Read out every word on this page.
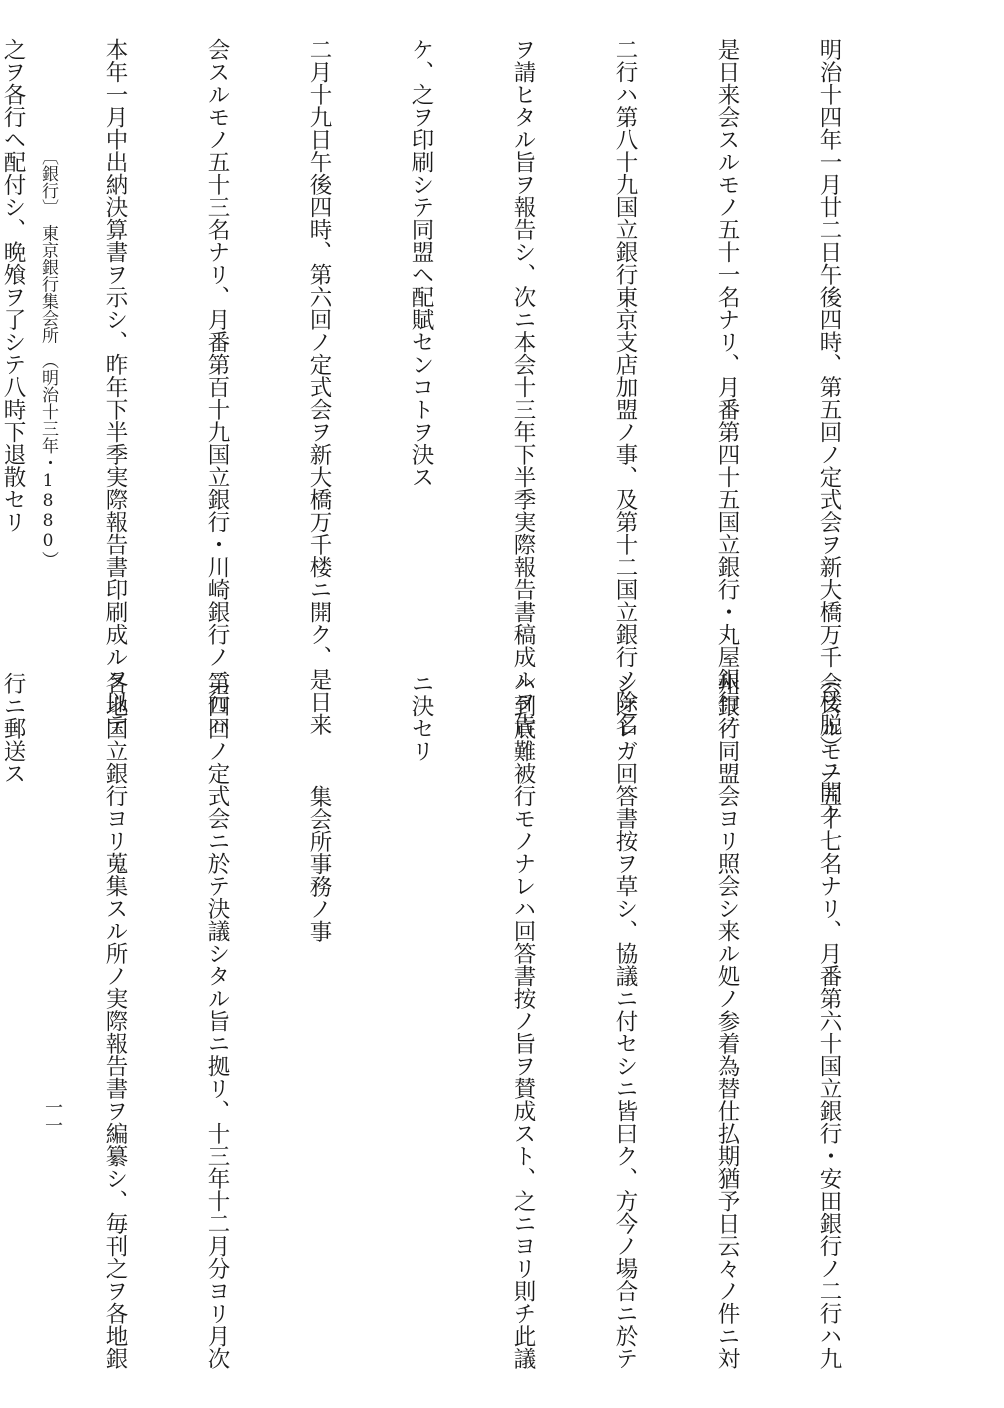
〔銀行〕　東京銀行集会所　（明治十三年・1880）
一一

明治十四年一月廿二日午後四時、第五回ノ定式会ヲ新大橋万千（楼脱）ニ開ク

是日来会スルモノ五十一名ナリ、月番第四十五国立銀行・丸屋銀行ノ

二行ハ第八十九国立銀行東京支店加盟ノ事、及第十二国立銀行ノ除名

ヲ請ヒタル旨ヲ報告シ、次ニ本会十三年下半季実際報告書稿成ルヲ告

ケ、之ヲ印刷シテ同盟ヘ配賦センコトヲ決ス

二月十九日午後四時、第六回ノ定式会ヲ新大橋万千楼ニ開ク、是日来

会スルモノ五十三名ナリ、月番第百十九国立銀行・川崎銀行ノ二行ハ

本年一月中出納決算書ヲ示シ、昨年下半季実際報告書印刷成ルヲ以テ

之ヲ各行ヘ配付シ、晩飧ヲ了シテ八時下退散セリ

会スルモノ五十七名ナリ、月番第六十国立銀行・安田銀行ノ二行ハ九

州銀行同盟会ヨリ照会シ来ル処ノ参着為替仕払期猶予日云々ノ件ニ対

シ之レガ回答書按ヲ草シ、協議ニ付セシニ皆曰ク、方今ノ場合ニ於テ

ハ到底難被行モノナレハ回答書按ノ旨ヲ賛成スト、之ニヨリ則チ此議

ニ決セリ

集会所事務ノ事

第四回ノ定式会ニ於テ決議シタル旨ニ拠リ、十三年十二月分ヨリ月次

各地国立銀行ヨリ蒐集スル所ノ実際報告書ヲ編纂シ、毎刊之ヲ各地銀

行ニ郵送ス
